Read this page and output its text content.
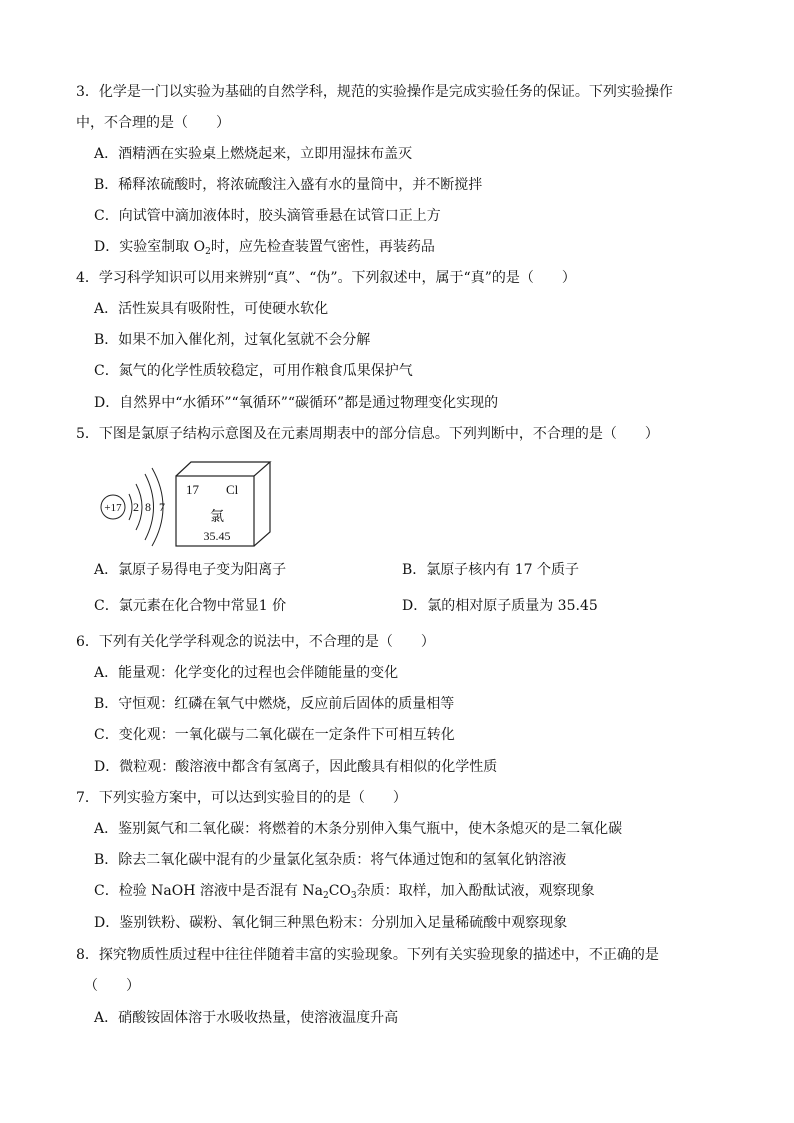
3．化学是一门以实验为基础的自然学科，规范的实验操作是完成实验任务的保证。下列实验操作
中，不合理的是（　　）
A．酒精洒在实验桌上燃烧起来，立即用湿抹布盖灭
B．稀释浓硫酸时，将浓硫酸注入盛有水的量筒中，并不断搅拌
C．向试管中滴加液体时，胶头滴管垂悬在试管口正上方
D．实验室制取 $O_2$时，应先检查装置气密性，再装药品
4．学习科学知识可以用来辨别“真”、“伪”。下列叙述中，属于“真”的是（　　）
A．活性炭具有吸附性，可使硬水软化
B．如果不加入催化剂，过氧化氢就不会分解
C．氮气的化学性质较稳定，可用作粮食瓜果保护气
D．自然界中“水循环”“氧循环”“碳循环”都是通过物理变化实现的
5．下图是氯原子结构示意图及在元素周期表中的部分信息。下列判断中，不合理的是（　　）
+17 2 8 7
17 Cl
氯
35.45
A．氯原子易得电子变为阳离子	B．氯原子核内有 17 个质子
C．氯元素在化合物中常显1 价	D．氯的相对原子质量为 35.45
6．下列有关化学学科观念的说法中，不合理的是（　　）
A．能量观：化学变化的过程也会伴随能量的变化
B．守恒观：红磷在氧气中燃烧，反应前后固体的质量相等
C．变化观：一氧化碳与二氧化碳在一定条件下可相互转化
D．微粒观：酸溶液中都含有氢离子，因此酸具有相似的化学性质
7．下列实验方案中，可以达到实验目的的是（　　）
A．鉴别氮气和二氧化碳：将燃着的木条分别伸入集气瓶中，使木条熄灭的是二氧化碳
B．除去二氧化碳中混有的少量氯化氢杂质：将气体通过饱和的氢氧化钠溶液
C．检验 NaOH 溶液中是否混有 $Na_2CO_3$杂质：取样，加入酚酞试液，观察现象
D．鉴别铁粉、碳粉、氧化铜三种黑色粉末：分别加入足量稀硫酸中观察现象
8．探究物质性质过程中往往伴随着丰富的实验现象。下列有关实验现象的描述中，不正确的是
（　　）
A．硝酸铵固体溶于水吸收热量，使溶液温度升高
